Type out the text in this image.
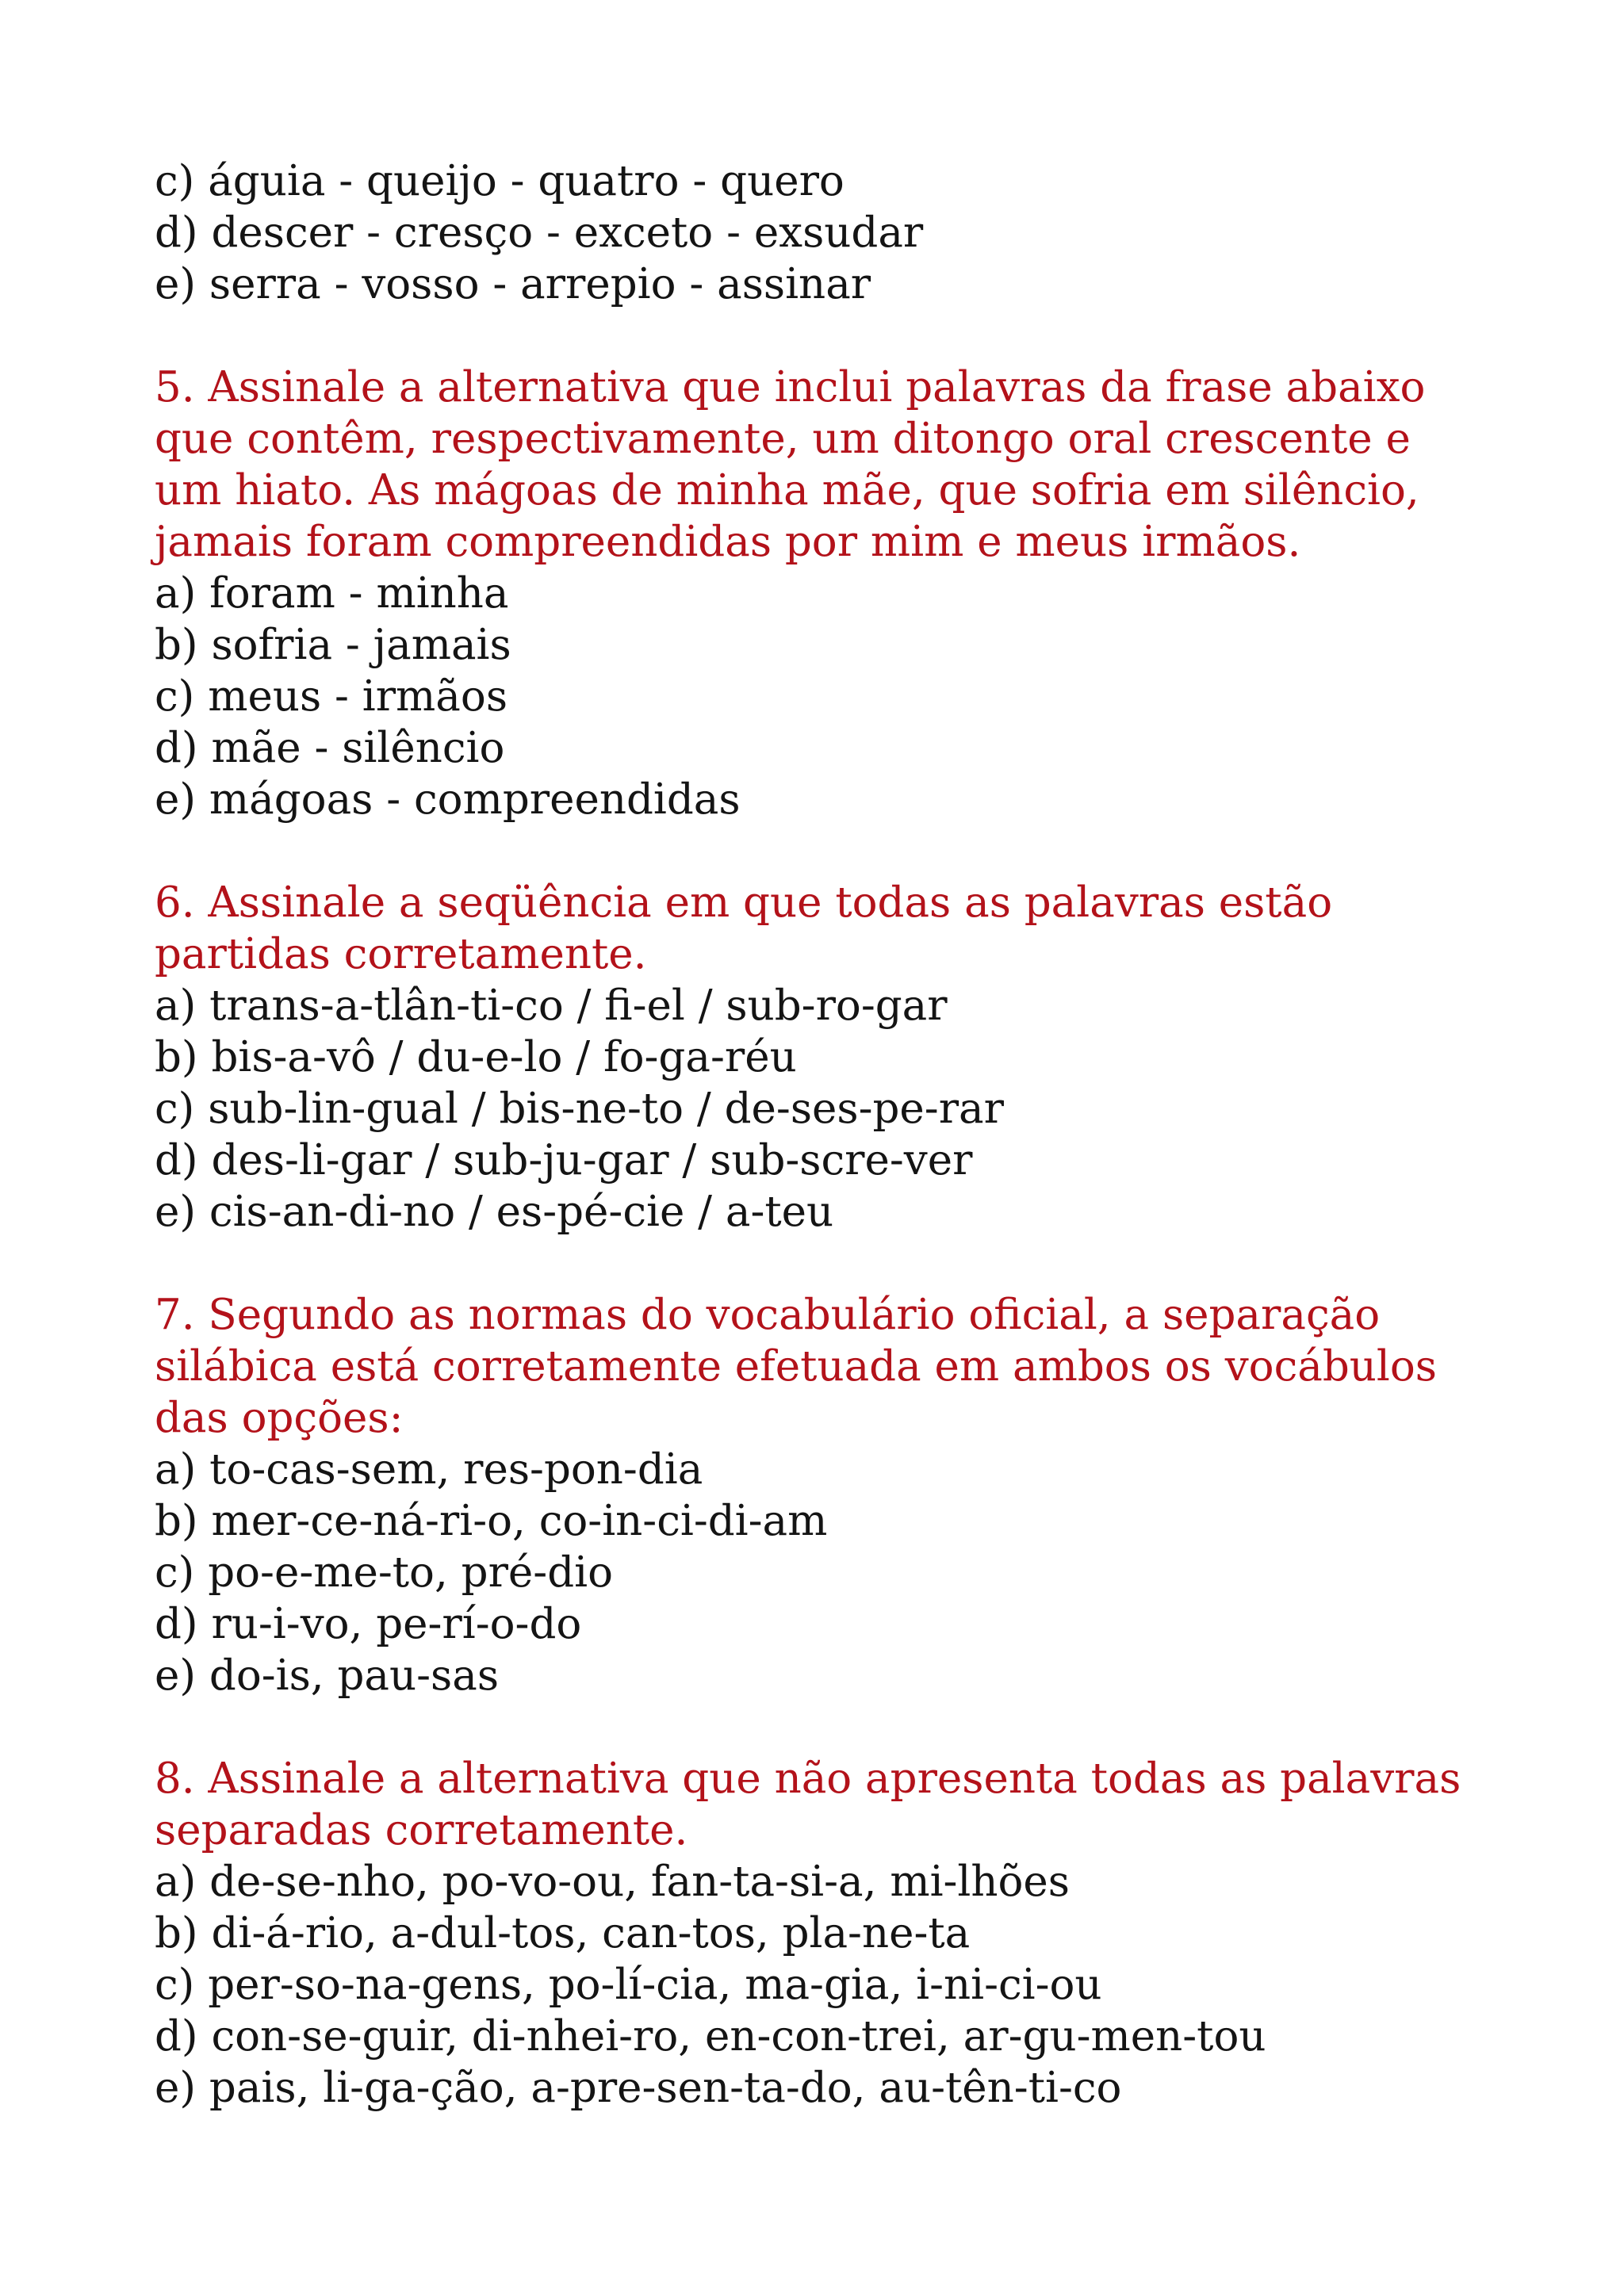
c) águia - queijo - quatro - quero
d) descer - cresço - exceto - exsudar
e) serra - vosso - arrepio - assinar
5. Assinale a alternativa que inclui palavras da frase abaixo
que contêm, respectivamente, um ditongo oral crescente e
um hiato. As mágoas de minha mãe, que sofria em silêncio,
jamais foram compreendidas por mim e meus irmãos.
a) foram - minha
b) sofria - jamais
c) meus - irmãos
d) mãe - silêncio
e) mágoas - compreendidas
6. Assinale a seqüência em que todas as palavras estão
partidas corretamente.
a) trans-a-tlân-ti-co / fi-el / sub-ro-gar
b) bis-a-vô / du-e-lo / fo-ga-réu
c) sub-lin-gual / bis-ne-to / de-ses-pe-rar
d) des-li-gar / sub-ju-gar / sub-scre-ver
e) cis-an-di-no / es-pé-cie / a-teu
7. Segundo as normas do vocabulário oficial, a separação
silábica está corretamente efetuada em ambos os vocábulos
das opções:
a) to-cas-sem, res-pon-dia
b) mer-ce-ná-ri-o, co-in-ci-di-am
c) po-e-me-to, pré-dio
d) ru-i-vo, pe-rí-o-do
e) do-is, pau-sas
8. Assinale a alternativa que não apresenta todas as palavras
separadas corretamente.
a) de-se-nho, po-vo-ou, fan-ta-si-a, mi-lhões
b) di-á-rio, a-dul-tos, can-tos, pla-ne-ta
c) per-so-na-gens, po-lí-cia, ma-gia, i-ni-ci-ou
d) con-se-guir, di-nhei-ro, en-con-trei, ar-gu-men-tou
e) pais, li-ga-ção, a-pre-sen-ta-do, au-tên-ti-co
